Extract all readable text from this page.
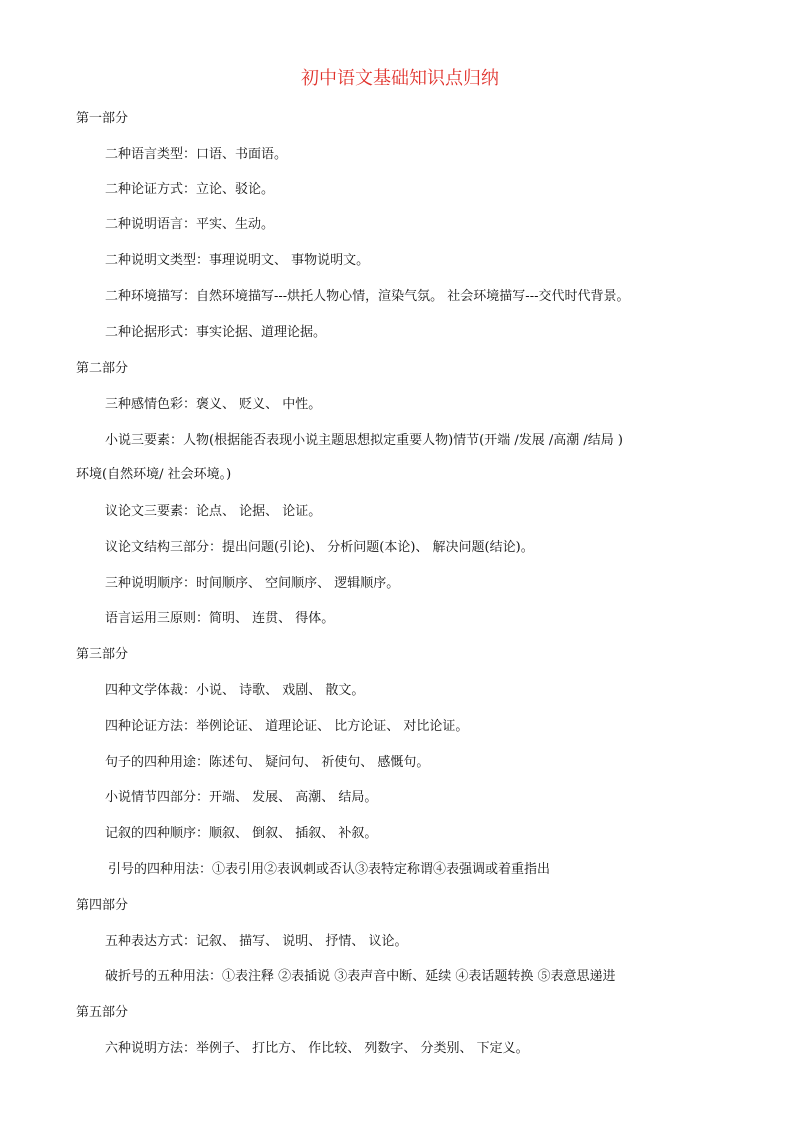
初中语文基础知识点归纳
第一部分
二种语言类型：口语、书面语。
二种论证方式：立论、驳论。
二种说明语言：平实、生动。
二种说明文类型：事理说明文、 事物说明文。
二种环境描写：自然环境描写---烘托人物心情，渲染气氛。 社会环境描写---交代时代背景。
二种论据形式：事实论据、道理论据。
第二部分
三种感情色彩：褒义、 贬义、 中性。
小说三要素：人物(根据能否表现小说主题思想拟定重要人物)情节(开端 /发展 /高潮 /结局 )
环境(自然环境/ 社会环境。)
议论文三要素：论点、 论据、 论证。
议论文结构三部分：提出问题(引论)、 分析问题(本论)、 解决问题(结论)。
三种说明顺序：时间顺序、 空间顺序、 逻辑顺序。
语言运用三原则：简明、 连贯、 得体。
第三部分
四种文学体裁：小说、 诗歌、 戏剧、 散文。
四种论证方法：举例论证、 道理论证、 比方论证、 对比论证。
句子的四种用途：陈述句、 疑问句、 祈使句、 感慨句。
小说情节四部分：开端、 发展、 高潮、 结局。
记叙的四种顺序：顺叙、 倒叙、 插叙、 补叙。
引号的四种用法：①表引用②表讽刺或否认③表特定称谓④表强调或着重指出
第四部分
五种表达方式：记叙、 描写、 说明、 抒情、 议论。
破折号的五种用法：①表注释 ②表插说 ③表声音中断、延续 ④表话题转换 ⑤表意思递进
第五部分
六种说明方法：举例子、 打比方、 作比较、 列数字、 分类别、 下定义。
